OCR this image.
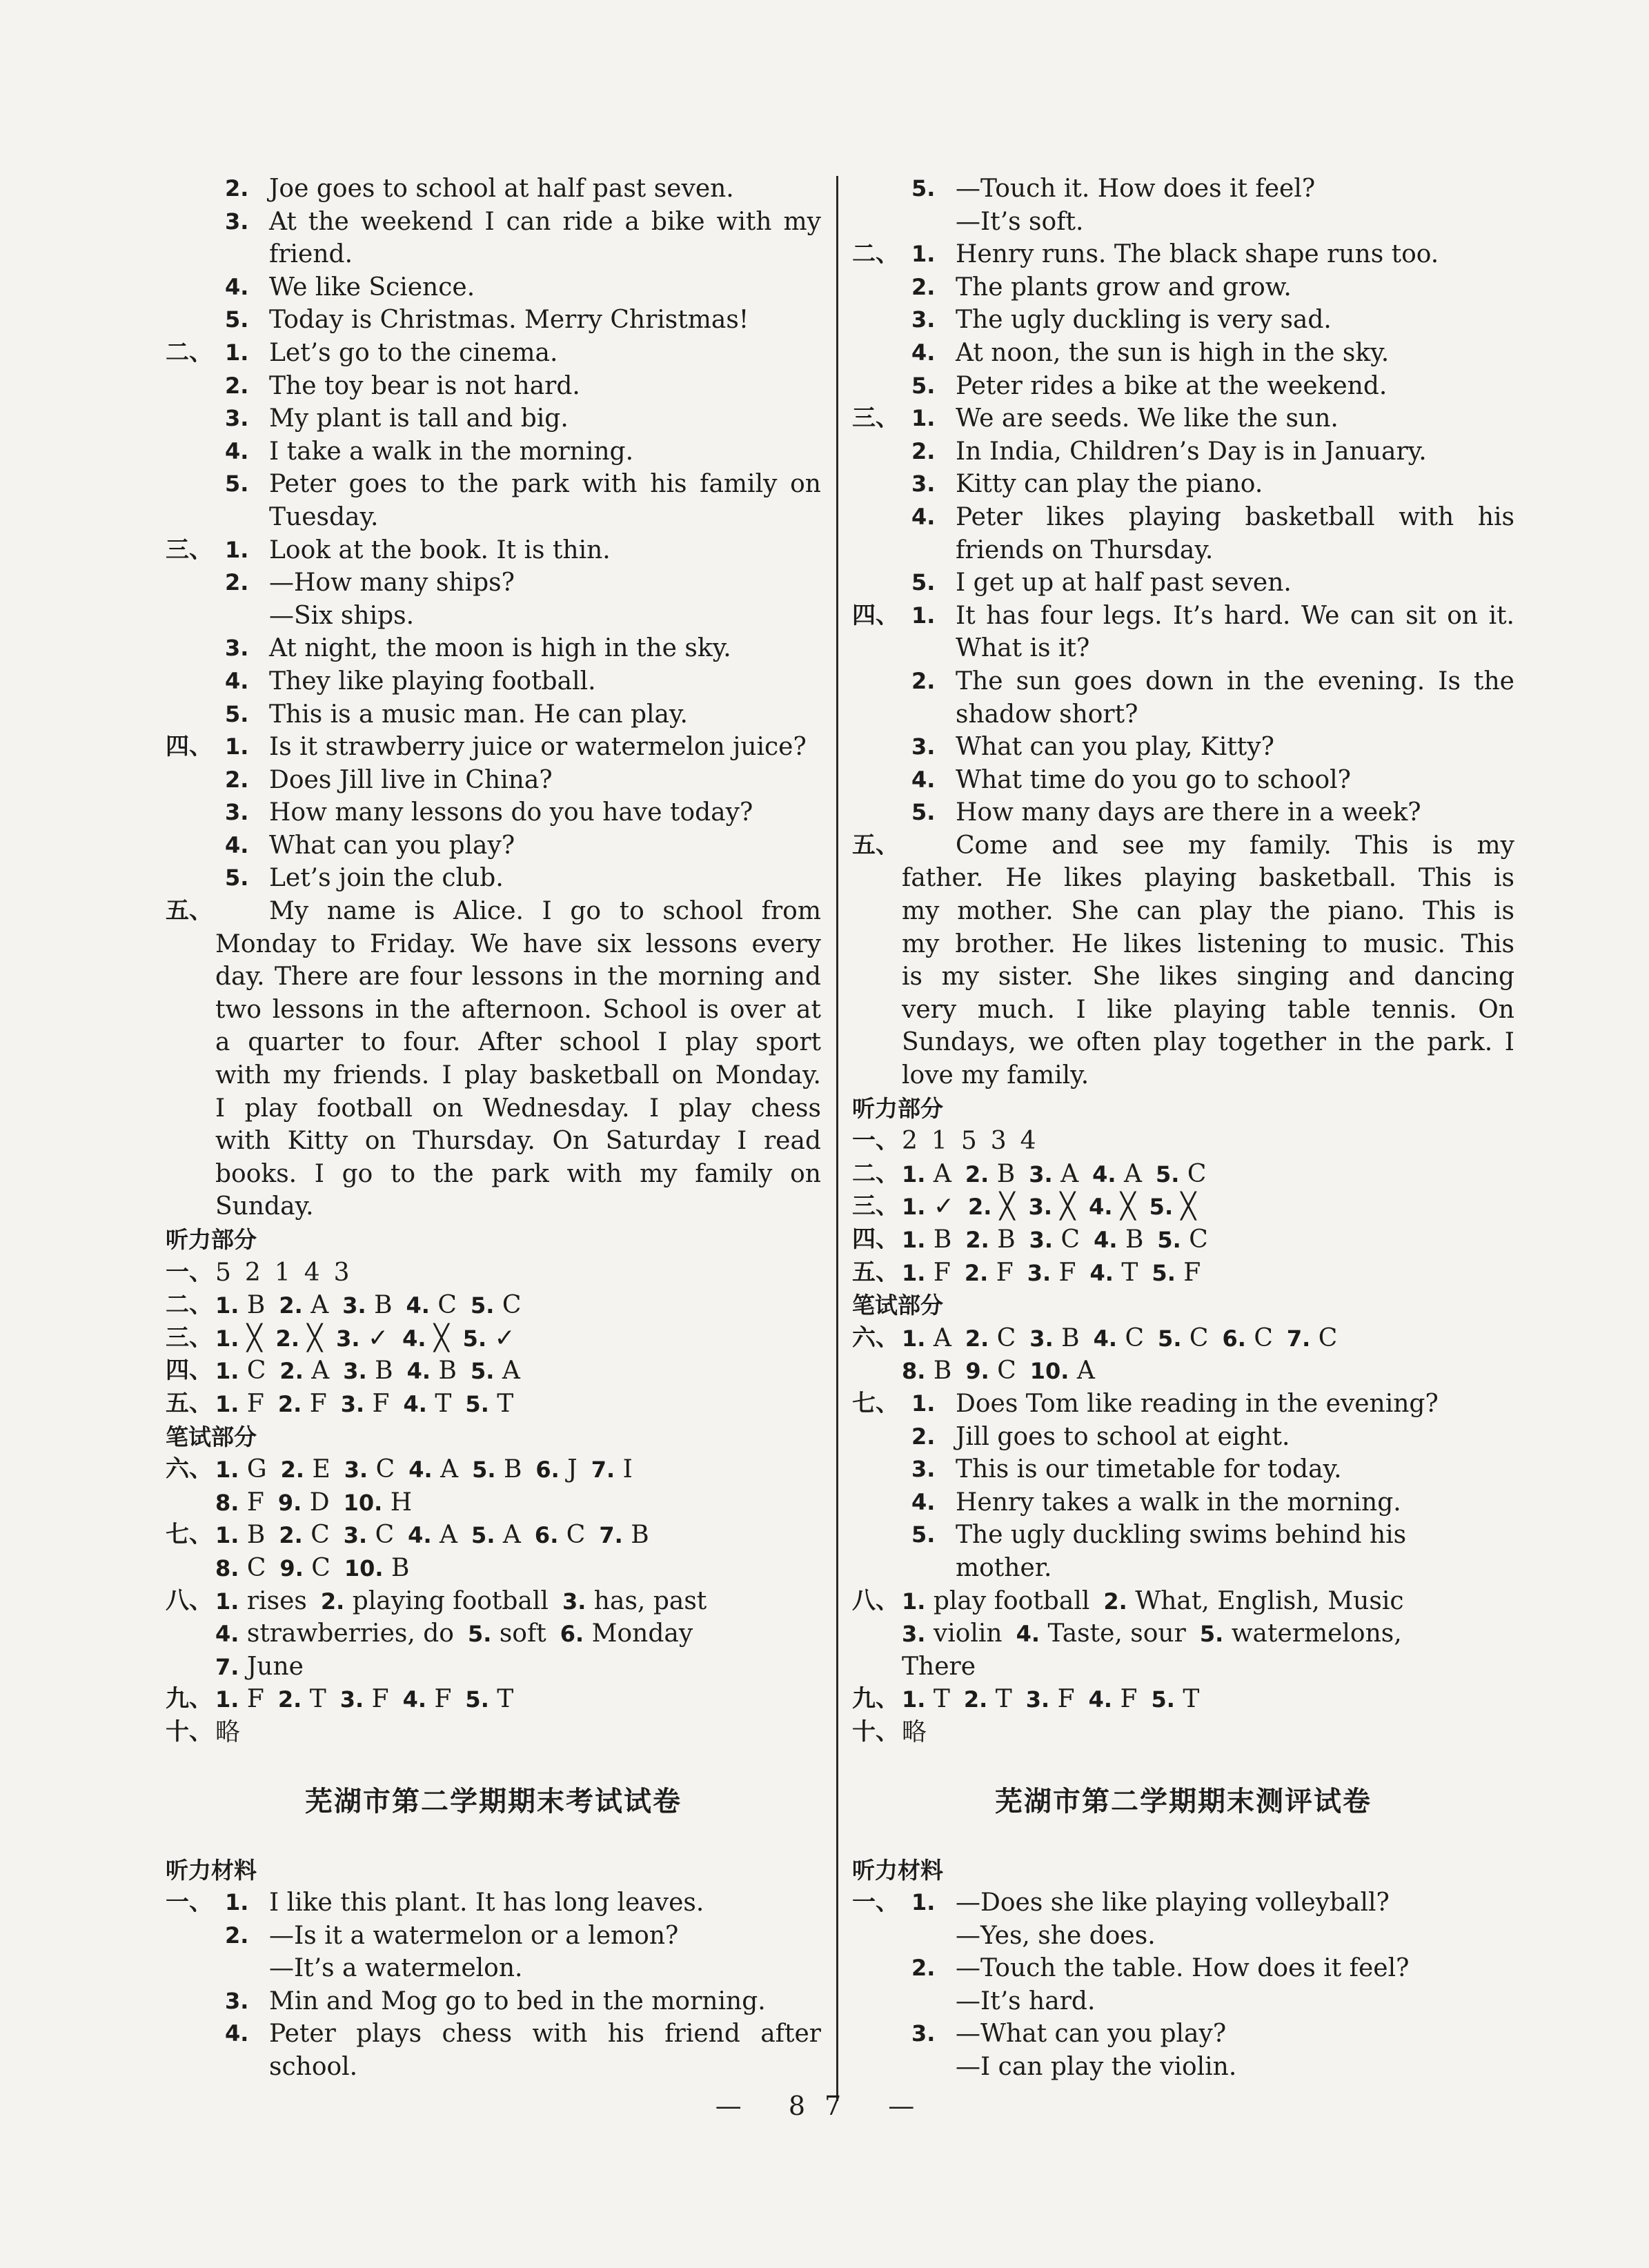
2. Joe goes to school at half past seven.
3. At the weekend I can ride a bike with my
friend.
4. We like Science.
5. Today is Christmas. Merry Christmas!
二、 1. Let’s go to the cinema.
2. The toy bear is not hard.
3. My plant is tall and big.
4. I take a walk in the morning.
5. Peter goes to the park with his family on
Tuesday.
三、 1. Look at the book. It is thin.
2. —How many ships?
—Six ships.
3. At night, the moon is high in the sky.
4. They like playing football.
5. This is a music man. He can play.
四、 1. Is it strawberry juice or watermelon juice?
2. Does Jill live in China?
3. How many lessons do you have today?
4. What can you play?
5. Let’s join the club.
五、	My name is Alice. I go to school from
Monday to Friday. We have six lessons every
day. There are four lessons in the morning and
two lessons in the afternoon. School is over at
a quarter to four. After school I play sport
with my friends. I play basketball on Monday.
I play football on Wednesday. I play chess
with Kitty on Thursday. On Saturday I read
books. I go to the park with my family on
Sunday.
听力部分
一、 5 2 1 4 3
二、 1. B 2. A 3. B 4. C 5. C
三、 1. ╳ 2. ╳ 3. ✓ 4. ╳ 5. ✓
四、 1. C 2. A 3. B 4. B 5. A
五、 1. F 2. F 3. F 4. T 5. T
笔试部分
六、 1. G 2. E 3. C 4. A 5. B 6. J 7. I
8. F 9. D 10. H
七、 1. B 2. C 3. C 4. A 5. A 6. C 7. B
8. C 9. C 10. B
八、 1. rises 2. playing football 3. has, past
4. strawberries, do 5. soft 6. Monday
7. June
九、 1. F 2. T 3. F 4. F 5. T
十、 略
芜湖市第二学期期末考试试卷
听力材料
一、 1. I like this plant. It has long leaves.
2. —Is it a watermelon or a lemon?
—It’s a watermelon.
3. Min and Mog go to bed in the morning.
4. Peter plays chess with his friend after
school.
5. —Touch it. How does it feel?
—It’s soft.
二、 1. Henry runs. The black shape runs too.
2. The plants grow and grow.
3. The ugly duckling is very sad.
4. At noon, the sun is high in the sky.
5. Peter rides a bike at the weekend.
三、 1. We are seeds. We like the sun.
2. In India, Children’s Day is in January.
3. Kitty can play the piano.
4. Peter likes playing basketball with his
friends on Thursday.
5. I get up at half past seven.
四、 1. It has four legs. It’s hard. We can sit on it.
What is it?
2. The sun goes down in the evening. Is the
shadow short?
3. What can you play, Kitty?
4. What time do you go to school?
5. How many days are there in a week?
五、	Come and see my family. This is my
father. He likes playing basketball. This is
my mother. She can play the piano. This is
my brother. He likes listening to music. This
is my sister. She likes singing and dancing
very much. I like playing table tennis. On
Sundays, we often play together in the park. I
love my family.
听力部分
一、 2 1 5 3 4
二、 1. A 2. B 3. A 4. A 5. C
三、 1. ✓ 2. ╳ 3. ╳ 4. ╳ 5. ╳
四、 1. B 2. B 3. C 4. B 5. C
五、 1. F 2. F 3. F 4. T 5. F
笔试部分
六、 1. A 2. C 3. B 4. C 5. C 6. C 7. C
8. B 9. C 10. A
七、 1. Does Tom like reading in the evening?
2. Jill goes to school at eight.
3. This is our timetable for today.
4. Henry takes a walk in the morning.
5. The ugly duckling swims behind his
mother.
八、 1. play football 2. What, English, Music
3. violin 4. Taste, sour 5. watermelons,
There
九、 1. T 2. T 3. F 4. F 5. T
十、 略
芜湖市第二学期期末测评试卷
听力材料
一、 1. —Does she like playing volleyball?
—Yes, she does.
2. —Touch the table. How does it feel?
—It’s hard.
3. —What can you play?
—I can play the violin.
— 87 —
